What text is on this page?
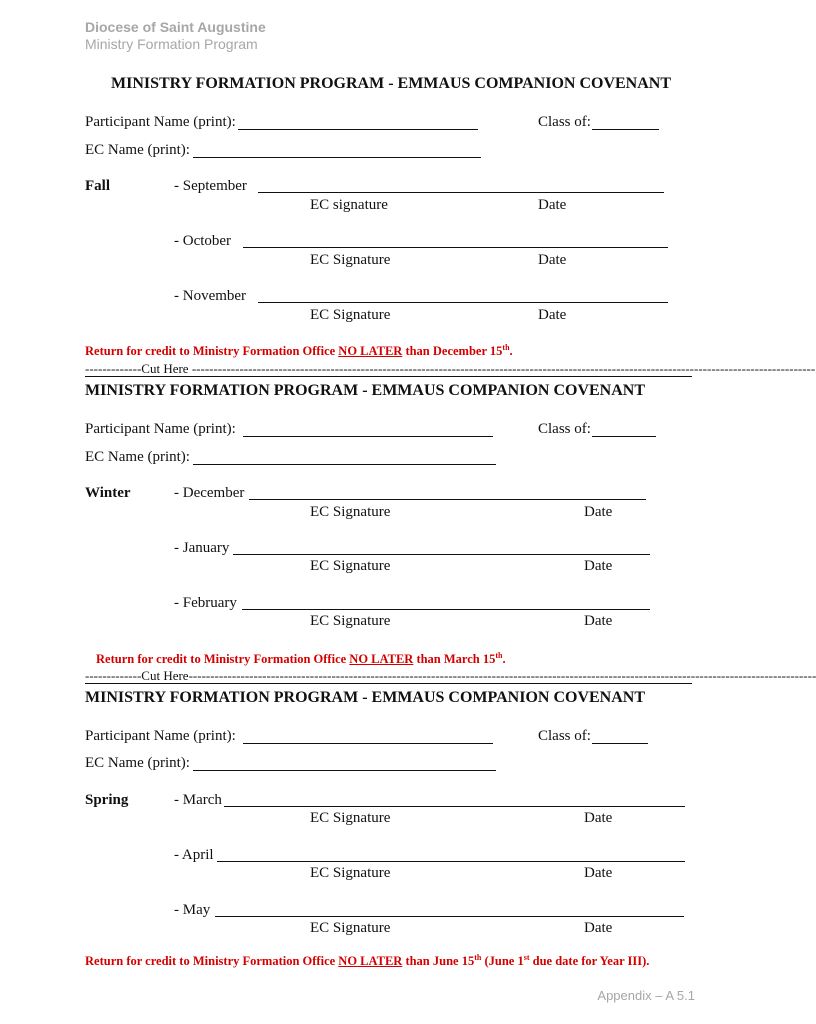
Diocese of Saint Augustine
Ministry Formation Program
MINISTRY FORMATION PROGRAM - EMMAUS COMPANION COVENANT
Participant Name (print):	Class of:
EC Name (print):
Fall	- September
EC signature	Date
- October
EC Signature	Date
- November
EC Signature	Date
Return for credit to Ministry Formation Office NO LATER than December 15th.
-------------Cut Here ------------------------------------------------------------------------------------------------------------------------------------------------
MINISTRY FORMATION PROGRAM - EMMAUS COMPANION COVENANT
Participant Name (print):	Class of:
EC Name (print):
Winter	- December
EC Signature	Date
- January
EC Signature	Date
- February
EC Signature	Date
Return for credit to Ministry Formation Office NO LATER than March 15th.
-------------Cut Here-------------------------------------------------------------------------------------------------------------------------------------------------
MINISTRY FORMATION PROGRAM - EMMAUS COMPANION COVENANT
Participant Name (print):	Class of:
EC Name (print):
Spring	- March
EC Signature	Date
- April
EC Signature	Date
- May
EC Signature	Date
Return for credit to Ministry Formation Office NO LATER than June 15th (June 1st due date for Year III).
Appendix – A 5.1
